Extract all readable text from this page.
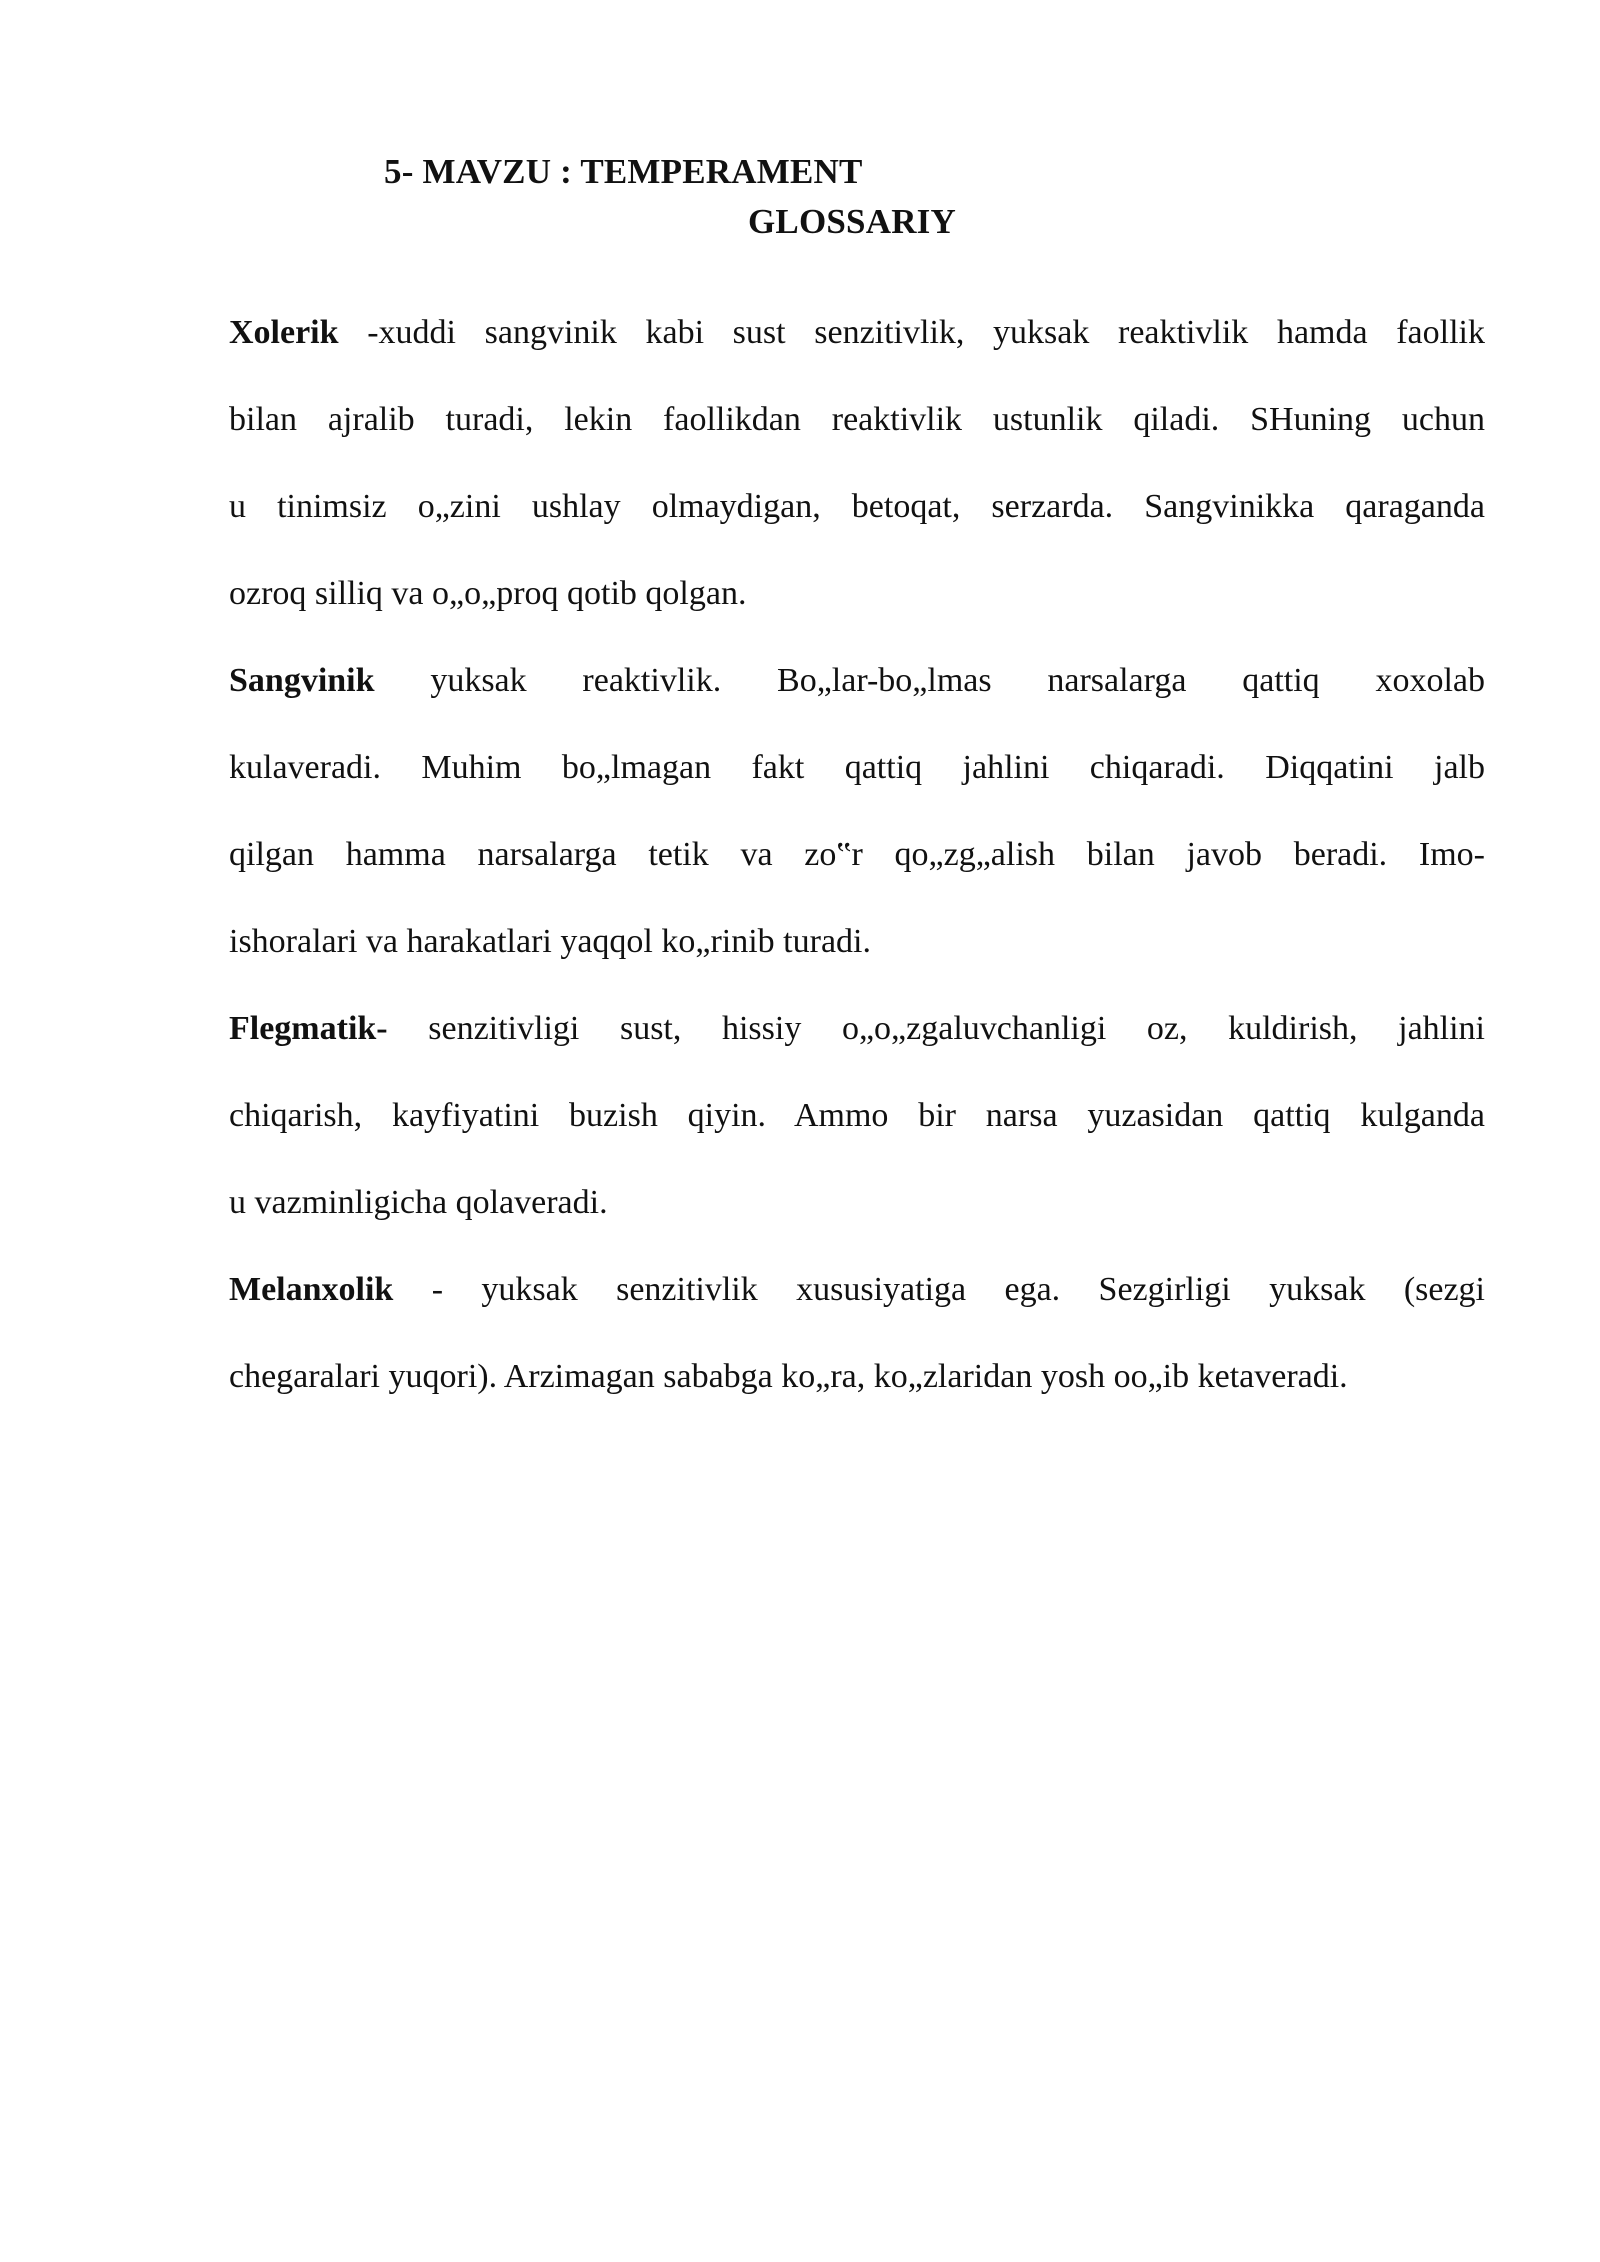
5- MAVZU : TEMPERAMENT
GLOSSARIY
Xolerik -xuddi sangvinik kabi sust senzitivlik, yuksak reaktivlik hamda faollik
bilan ajralib turadi, lekin faollikdan reaktivlik ustunlik qiladi. SHuning uchun
u tinimsiz o„zini ushlay olmaydigan, betoqat, serzarda. Sangvinikka qaraganda
ozroq silliq va o„o„proq qotib qolgan.
Sangvinik yuksak reaktivlik. Bo„lar-bo„lmas narsalarga qattiq xoxolab
kulaveradi. Muhim bo„lmagan fakt qattiq jahlini chiqaradi. Diqqatini jalb
qilgan hamma narsalarga tetik va zo‟r qo„zg„alish bilan javob beradi. Imo-
ishoralari va harakatlari yaqqol ko„rinib turadi.
Flegmatik- senzitivligi sust, hissiy o„o„zgaluvchanligi oz, kuldirish, jahlini
chiqarish, kayfiyatini buzish qiyin. Ammo bir narsa yuzasidan qattiq kulganda
u vazminligicha qolaveradi.
Melanxolik - yuksak senzitivlik xususiyatiga ega. Sezgirligi yuksak (sezgi
chegaralari yuqori). Arzimagan sababga ko„ra, ko„zlaridan yosh oo„ib ketaveradi.
